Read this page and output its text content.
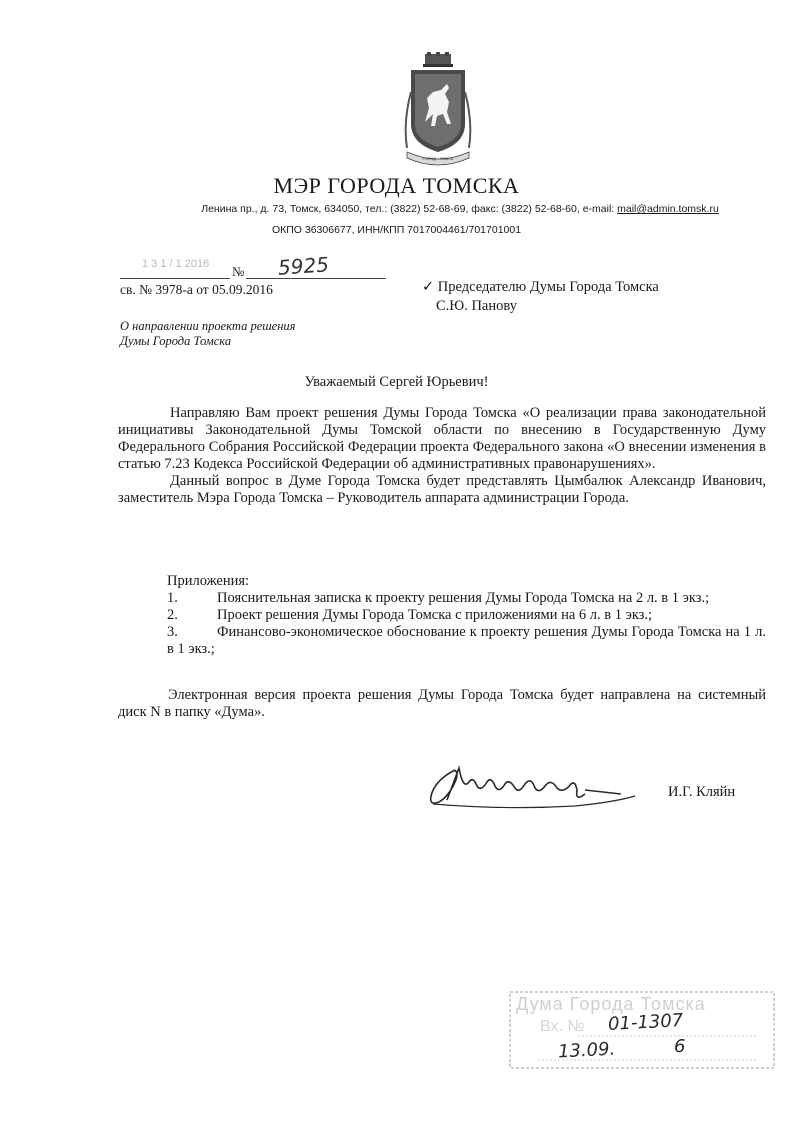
ГОРОД • ТОМСК
МЭР ГОРОДА ТОМСКА
Ленина пр., д. 73, Томск, 634050, тел.: (3822) 52-68-69, факс: (3822) 52-68-60, e-mail: mail@admin.tomsk.ru
ОКПО 36306677, ИНН/КПП 7017004461/701701001
1 3 1 / 1 2016 № 5925
св. № 3978-а от 05.09.2016	✓ Председателю Думы Города Томска
С.Ю. Панову
О направлении проекта решения
Думы Города Томска
Уважаемый Сергей Юрьевич!

Направляю Вам проект решения Думы Города Томска «О реализации права законодательной инициативы Законодательной Думы Томской области по внесению в Государственную Думу Федерального Собрания Российской Федерации проекта Федерального закона «О внесении изменения в статью 7.23 Кодекса Российской Федерации об административных правонарушениях».

Данный вопрос в Думе Города Томска будет представлять Цымбалюк Александр Иванович, заместитель Мэра Города Томска – Руководитель аппарата администрации Города.

Приложения:
1.	Пояснительная записка к проекту решения Думы Города Томска на 2 л. в 1 экз.;
2.	Проект решения Думы Города Томска с приложениями на 6 л. в 1 экз.;
3.	Финансово-экономическое обоснование к проекту решения Думы Города Томска на 1 л. в 1 экз.;

Электронная версия проекта решения Думы Города Томска будет направлена на системный диск N в папку «Дума».

И.Г. Кляйн
Дума Города Томска
Вх. № 01-1307
13.09.	6
